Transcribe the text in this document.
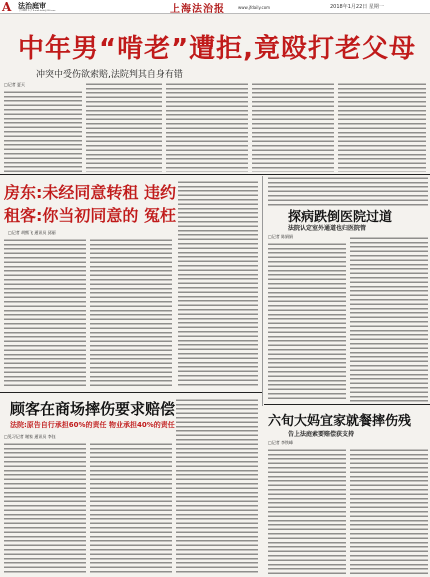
A 法治庭审
责任编辑 本 责 E-mail:fazhi@126.com	上海法治报	www.jfdaily.com	2018年1月22日 星期一
中年男“啃老”遭拒,竟殴打老父母
冲突中受伤欲索赔,法院判其自身有错
□记者 夏天
房东:未经同意转租 违约
租客:你当初同意的 冤枉
□记者 胡熊飞 通讯员 邱丽
探病跌倒医院过道
法院认定室外通道也归医院管
□记者 陈娟娟
顾客在商场摔伤要求赔偿
法院:原告自行承担60%的责任 物业承担40%的责任
□见习记者 谢家 通讯员 李钰
六旬大妈宜家就餐摔伤残
告上法庭索要赔偿获支持
□记者 李铁峰
